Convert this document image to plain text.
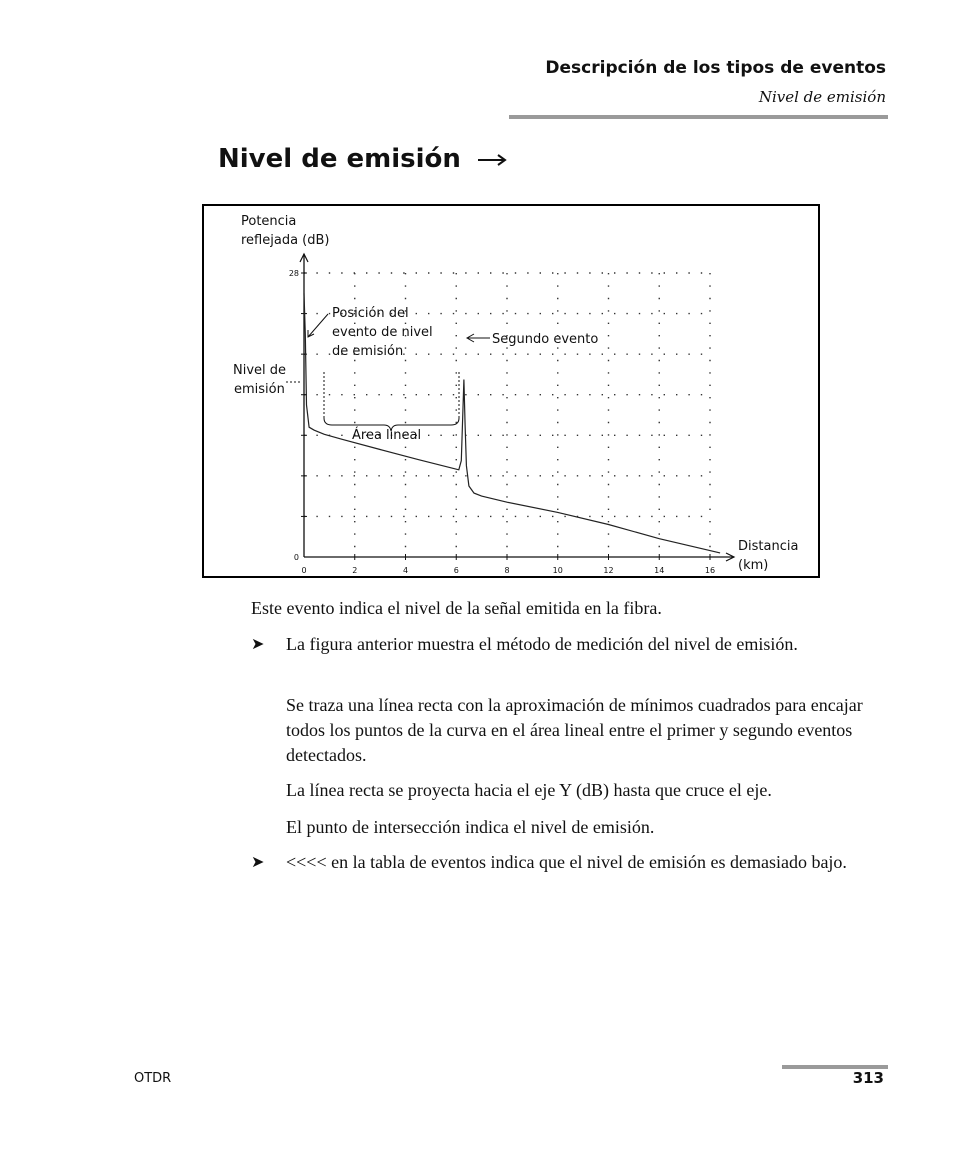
Descripción de los tipos de eventos
Nivel de emisión
Nivel de emisión
0	2	4	6	8	10	12	14	16
28
0
Potencia
reflejada (dB)
Distancia
(km)
Posición del
evento de nivel
de emisión
Segundo evento
Nivel de
emisión
Área lineal
Este evento indica el nivel de la señal emitida en la fibra.
➤ La figura anterior muestra el método de medición del nivel de emisión.
Se traza una línea recta con la aproximación de mínimos cuadrados para encajar todos los puntos de la curva en el área lineal entre el primer y segundo eventos detectados.
La línea recta se proyecta hacia el eje Y (dB) hasta que cruce el eje.
El punto de intersección indica el nivel de emisión.
➤ <<<< en la tabla de eventos indica que el nivel de emisión es demasiado bajo.
OTDR	313
